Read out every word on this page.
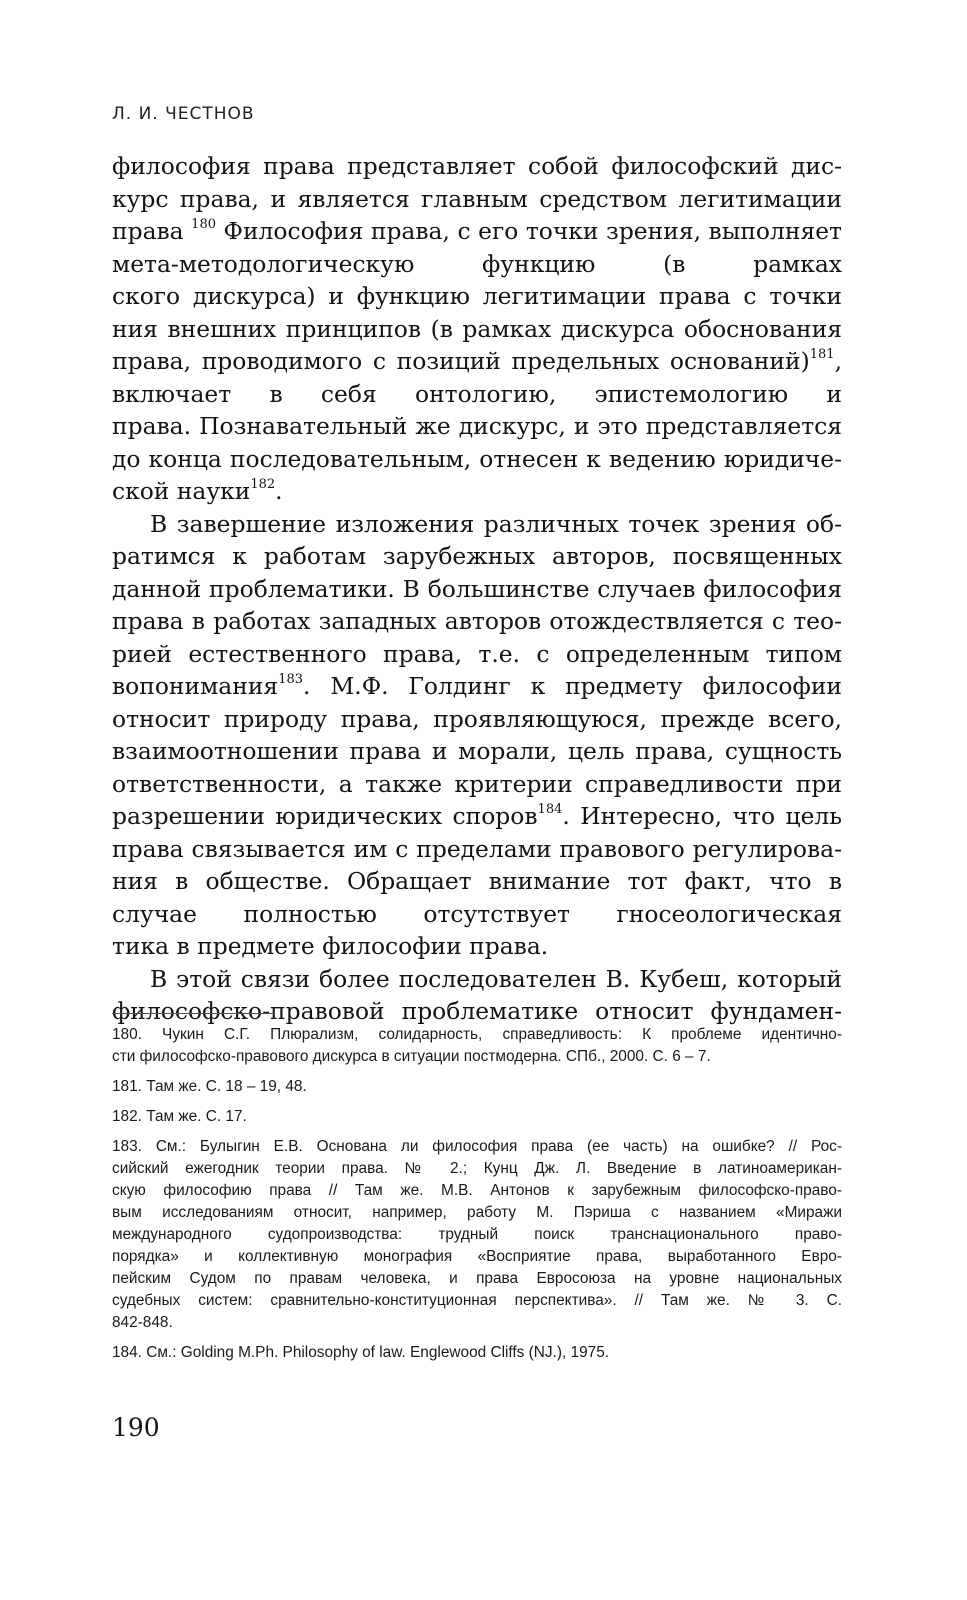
Л. И. ЧЕСТНОВ
философия права представляет собой философский дис-
курс права, и является главным средством легитимации
права $^{180}$ Философия права, с его точки зрения, выполняет
мета-методологическую функцию (в рамках
ского дискурса) и функцию легитимации права с точки
ния внешних принципов (в рамках дискурса обоснования
права, проводимого с позиций предельных оснований)$^{181}$,
включает в себя онтологию, эпистемологию и
права. Познавательный же дискурс, и это представляется
до конца последовательным, отнесен к ведению юридиче-
ской науки$^{182}$.
В завершение изложения различных точек зрения об-
ратимся к работам зарубежных авторов, посвященных
данной проблематики. В большинстве случаев философия
права в работах западных авторов отождествляется с тео-
рией естественного права, т.е. с определенным типом
вопонимания$^{183}$. М.Ф. Голдинг к предмету философии
относит природу права, проявляющуюся, прежде всего,
взаимоотношении права и морали, цель права, сущность
ответственности, а также критерии справедливости при
разрешении юридических споров$^{184}$. Интересно, что цель
права связывается им с пределами правового регулирова-
ния в обществе. Обращает внимание тот факт, что в
случае полностью отсутствует гносеологическая
тика в предмете философии права.
В этой связи более последователен В. Кубеш, который
философско-правовой проблематике относит фундамен-
180. Чукин С.Г. Плюрализм, солидарность, справедливость: К проблеме идентично-
сти философско-правового дискурса в ситуации постмодерна. СПб., 2000. С. 6 – 7.
181. Там же. С. 18 – 19, 48.
182. Там же. С. 17.
183. См.: Булыгин Е.В. Основана ли философия права (ее часть) на ошибке? // Рос-
сийский ежегодник теории права. № 2.; Кунц Дж. Л. Введение в латиноамерикан-
скую философию права // Там же. М.В. Антонов к зарубежным философско-право-
вым исследованиям относит, например, работу М. Пэриша с названием «Миражи
международного судопроизводства: трудный поиск транснационального право-
порядка» и коллективную монография «Восприятие права, выработанного Евро-
пейским Судом по правам человека, и права Евросоюза на уровне национальных
судебных систем: сравнительно-конституционная перспектива». // Там же. № 3. С.
842-848.
184. См.: Golding M.Ph. Philosophy of law. Englewood Cliffs (NJ.), 1975.
190
